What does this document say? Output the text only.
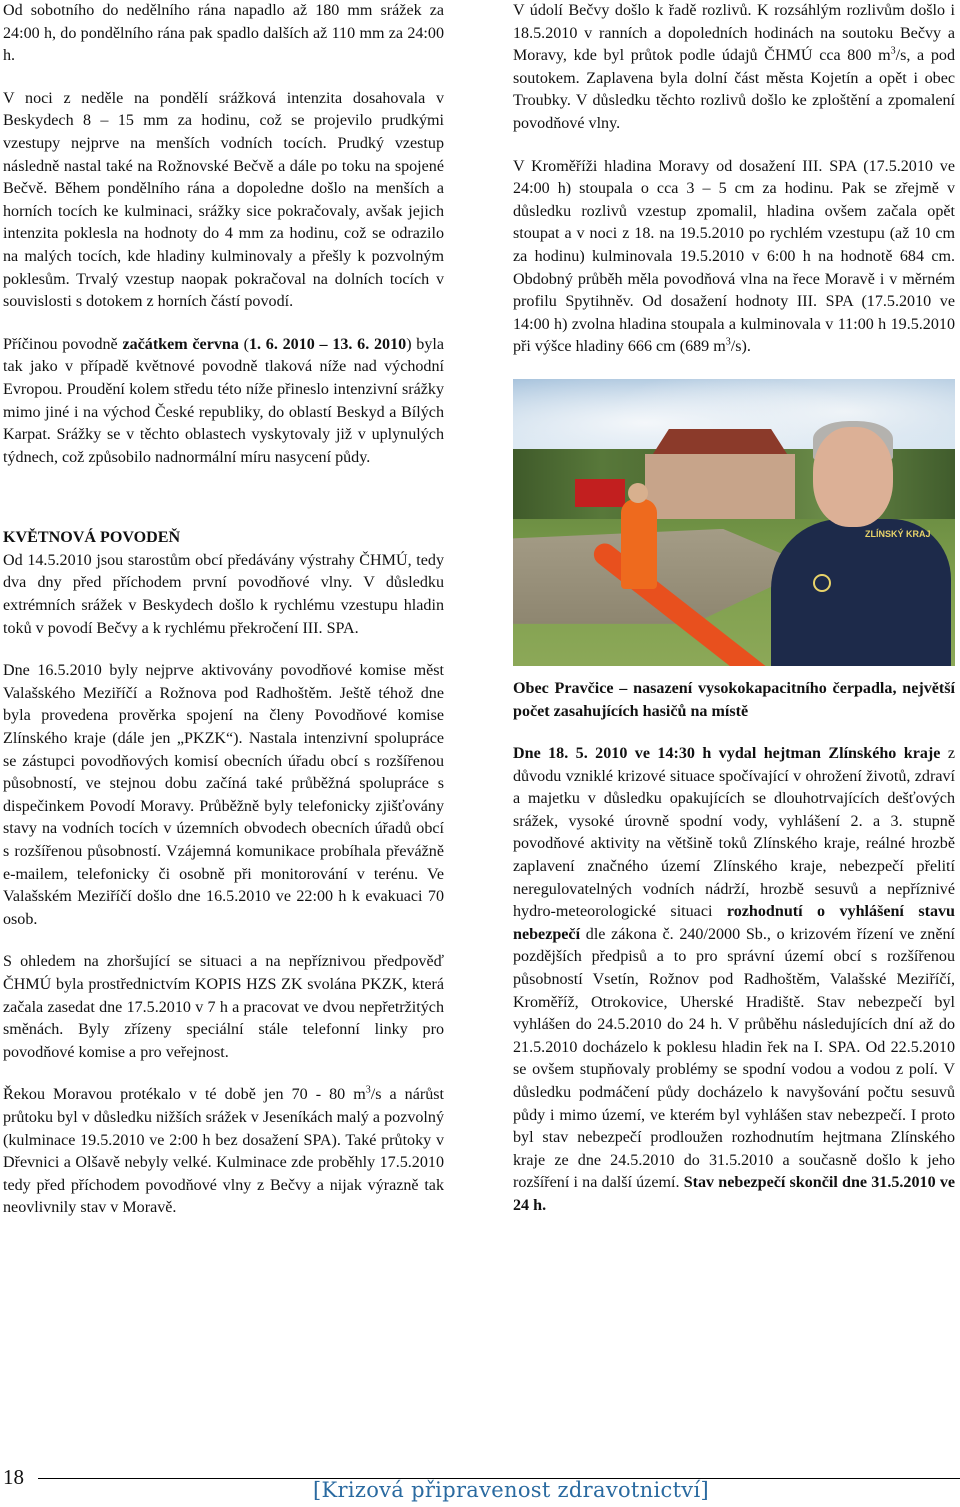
Od sobotního do nedělního rána napadlo až 180 mm srážek za 24:00 h, do pondělního rána pak spadlo dalších až 110 mm za 24:00 h.

V noci z neděle na pondělí srážková intenzita dosahovala v Beskydech 8 – 15 mm za hodinu, což se projevilo prudkými vzestupy nejprve na menších vodních tocích. Prudký vzestup následně nastal také na Rožnovské Bečvě a dále po toku na spojené Bečvě. Během pondělního rána a dopoledne došlo na menších a horních tocích ke kulminaci, srážky sice pokračovaly, avšak jejich intenzita poklesla na hodnoty do 4 mm za hodinu, což se odrazilo na malých tocích, kde hladiny kulminovaly a přešly k pozvolným poklesům. Trvalý vzestup naopak pokračoval na dolních tocích v souvislosti s dotokem z horních částí povodí.

Příčinou povodně začátkem června (1. 6. 2010 – 13. 6. 2010) byla tak jako v případě květnové povodně tlaková níže nad východní Evropou. Proudění kolem středu této níže přineslo intenzivní srážky mimo jiné i na východ České republiky, do oblastí Beskyd a Bílých Karpat. Srážky se v těchto oblastech vyskytovaly již v uplynulých týdnech, což způsobilo nadnormální míru nasycení půdy.

KVĚTNOVÁ POVODEŇ

Od 14.5.2010 jsou starostům obcí předávány výstrahy ČHMÚ, tedy dva dny před příchodem první povodňové vlny. V důsledku extrémních srážek v Beskydech došlo k rychlému vzestupu hladin toků v povodí Bečvy a k rychlému překročení III. SPA.

Dne 16.5.2010 byly nejprve aktivovány povodňové komise měst Valašského Meziříčí a Rožnova pod Radhoštěm. Ještě téhož dne byla provedena prověrka spojení na členy Povodňové komise Zlínského kraje (dále jen „PKZK“). Nastala intenzivní spolupráce se zástupci povodňových komisí obecních úřadu obcí s rozšířenou působností, ve stejnou dobu začíná také průběžná spolupráce s dispečinkem Povodí Moravy. Průběžně byly telefonicky zjišťovány stavy na vodních tocích v územních obvodech obecních úřadů obcí s rozšířenou působností. Vzájemná komunikace probíhala převážně e-mailem, telefonicky či osobně při monitorování v terénu. Ve Valašském Meziříčí došlo dne 16.5.2010 ve 22:00 h k evakuaci 70 osob.

S ohledem na zhoršující se situaci a na nepříznivou předpověď ČHMÚ byla prostřednictvím KOPIS HZS ZK svolána PKZK, která začala zasedat dne 17.5.2010 v 7 h a pracovat ve dvou nepřetržitých směnách. Byly zřízeny speciální stále telefonní linky pro povodňové komise a pro veřejnost.

Řekou Moravou protékalo v té době jen 70 - 80 $m^3/s$ a nárůst průtoku byl v důsledku nižších srážek v Jeseníkách malý a pozvolný (kulminace 19.5.2010 ve 2:00 h bez dosažení SPA). Také průtoky v Dřevnici a Olšavě nebyly velké. Kulminace zde proběhly 17.5.2010 tedy před příchodem povodňové vlny z Bečvy a nijak výrazně tak neovlivnily stav v Moravě.

V údolí Bečvy došlo k řadě rozlivů. K rozsáhlým rozlivům došlo i 18.5.2010 v ranních a dopoledních hodinách na soutoku Bečvy a Moravy, kde byl průtok podle údajů ČHMÚ cca 800 $m^3/s$, a pod soutokem. Zaplavena byla dolní část města Kojetín a opět i obec Troubky. V důsledku těchto rozlivů došlo ke zploštění a zpomalení povodňové vlny.

V Kroměříži hladina Moravy od dosažení III. SPA (17.5.2010 ve 24:00 h) stoupala o cca 3 – 5 cm za hodinu. Pak se zřejmě v důsledku rozlivů vzestup zpomalil, hladina ovšem začala opět stoupat a v noci z 18. na 19.5.2010 po rychlém vzestupu (až 10 cm za hodinu) kulminovala 19.5.2010 v 6:00 h na hodnotě 684 cm. Obdobný průběh měla povodňová vlna na řece Moravě i v měrném profilu Spytihněv. Od dosažení hodnoty III. SPA (17.5.2010 ve 14:00 h) zvolna hladina stoupala a kulminovala v 11:00 h 19.5.2010 při výšce hladiny 666 cm (689 $m^3/s$).

ZLÍNSKÝ KRAJ

Obec Pravčice – nasazení vysokokapacitního čerpadla, největší počet zasahujících hasičů na místě

Dne 18. 5. 2010 ve 14:30 h vydal hejtman Zlínského kraje z důvodu vzniklé krizové situace spočívající v ohrožení životů, zdraví a majetku v důsledku opakujících se dlouhotrvajících dešťových srážek, vysoké úrovně spodní vody, vyhlášení 2. a 3. stupně povodňové aktivity na většině toků Zlínského kraje, reálné hrozbě zaplavení značného území Zlínského kraje, nebezpečí přelití neregulovatelných vodních nádrží, hrozbě sesuvů a nepříznivé hydro-meteorologické situaci rozhodnutí o vyhlášení stavu nebezpečí dle zákona č. 240/2000 Sb., o krizovém řízení ve znění pozdějších předpisů a to pro správní území obcí s rozšířenou působností Vsetín, Rožnov pod Radhoštěm, Valašské Meziříčí, Kroměříž, Otrokovice, Uherské Hradiště. Stav nebezpečí byl vyhlášen do 24.5.2010 do 24 h. V průběhu následujících dní až do 21.5.2010 docházelo k poklesu hladin řek na I. SPA. Od 22.5.2010 se ovšem stupňovaly problémy se spodní vodou a vodou z polí. V důsledku podmáčení půdy docházelo k navyšování počtu sesuvů půdy i mimo území, ve kterém byl vyhlášen stav nebezpečí. I proto byl stav nebezpečí prodloužen rozhodnutím hejtmana Zlínského kraje ze dne 24.5.2010 do 31.5.2010 a současně došlo k jeho rozšíření i na další území. Stav nebezpečí skončil dne 31.5.2010 ve 24 h.

18
[Krizová připravenost zdravotnictví]
